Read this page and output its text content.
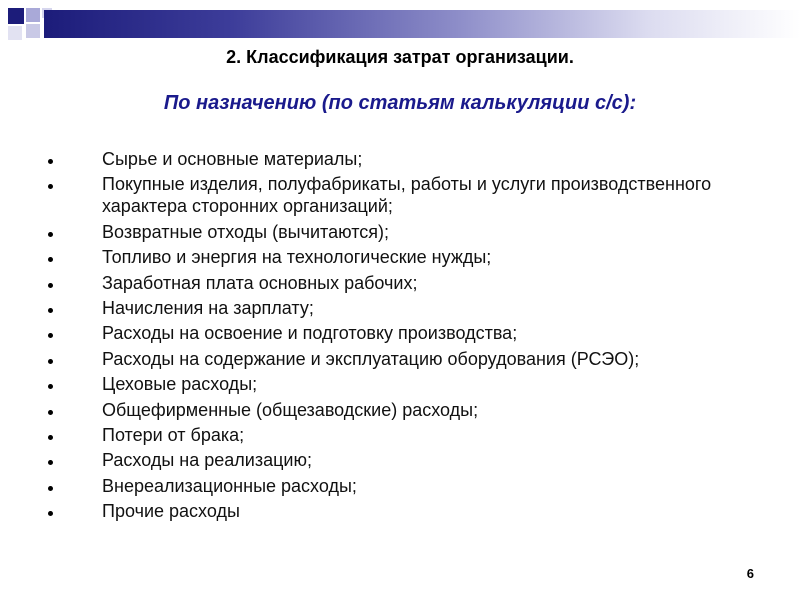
2. Классификация затрат организации.
По назначению (по статьям калькуляции с/с):
Сырье и основные материалы;
Покупные изделия, полуфабрикаты, работы и услуги производственного характера сторонних организаций;
Возвратные отходы (вычитаются);
Топливо и энергия на технологические нужды;
Заработная плата основных рабочих;
Начисления на зарплату;
Расходы на освоение и подготовку производства;
Расходы на содержание и эксплуатацию оборудования (РСЭО);
Цеховые расходы;
Общефирменные (общезаводские) расходы;
Потери от брака;
Расходы на реализацию;
Внереализационные расходы;
Прочие расходы
6
